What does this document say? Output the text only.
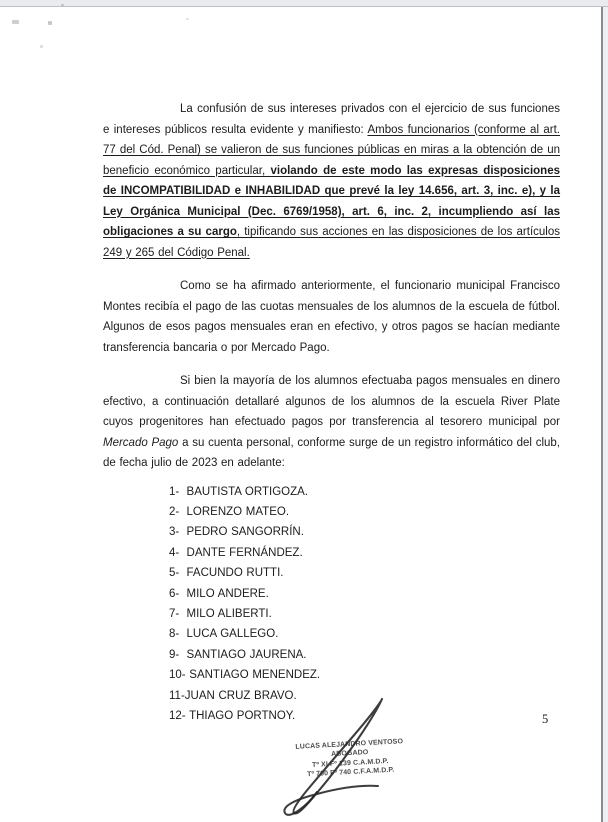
La confusión de sus intereses privados con el ejercicio de sus funciones e intereses públicos resulta evidente y manifiesto: Ambos funcionarios (conforme al art. 77 del Cód. Penal) se valieron de sus funciones públicas en miras a la obtención de un beneficio económico particular, violando de este modo las expresas disposiciones de INCOMPATIBILIDAD e INHABILIDAD que prevé la ley 14.656, art. 3, inc. e), y la Ley Orgánica Municipal (Dec. 6769/1958), art. 6, inc. 2, incumpliendo así las obligaciones a su cargo, tipificando sus acciones en las disposiciones de los artículos 249 y 265 del Código Penal.

Como se ha afirmado anteriormente, el funcionario municipal Francisco Montes recibía el pago de las cuotas mensuales de los alumnos de la escuela de fútbol. Algunos de esos pagos mensuales eran en efectivo, y otros pagos se hacían mediante transferencia bancaria o por Mercado Pago.

Si bien la mayoría de los alumnos efectuaba pagos mensuales en dinero efectivo, a continuación detallaré algunos de los alumnos de la escuela River Plate cuyos progenitores han efectuado pagos por transferencia al tesorero municipal por Mercado Pago a su cuenta personal, conforme surge de un registro informático del club, de fecha julio de 2023 en adelante:

1-  BAUTISTA ORTIGOZA.
2-  LORENZO MATEO.
3-  PEDRO SANGORRÍN.
4-  DANTE FERNÁNDEZ.
5-  FACUNDO RUTTI.
6-  MILO ANDERE.
7-  MILO ALIBERTI.
8-  LUCA GALLEGO.
9-  SANTIAGO JAURENA.
10- SANTIAGO MENENDEZ.
11-JUAN CRUZ BRAVO.
12- THIAGO PORTNOY.	5
LUCAS ALEJANDRO VENTOSO
ABOGADO
Tº XI Fº 139 C.A.M.D.P.
Tº 700 Fº 740 C.F.A.M.D.P.
